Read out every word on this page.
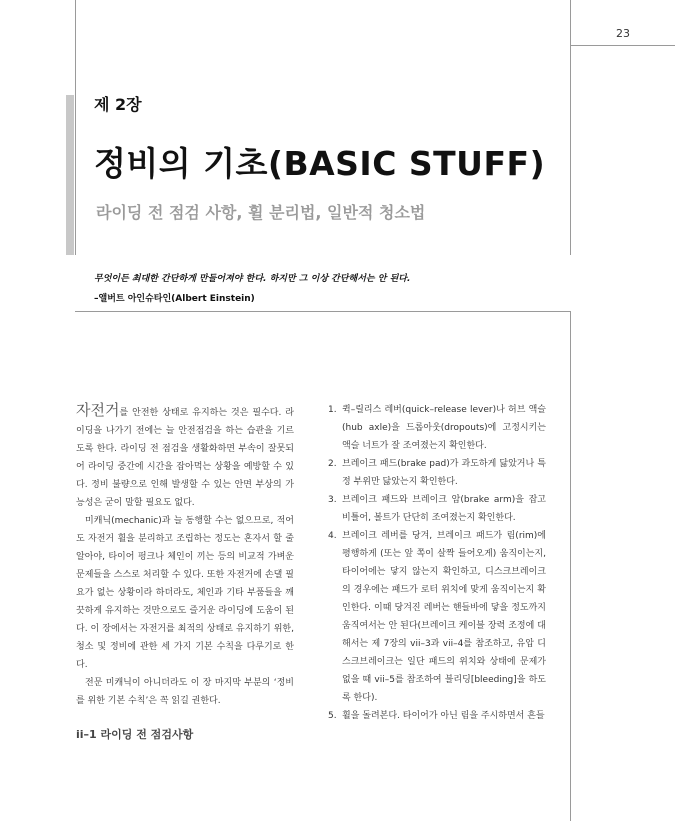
23
제 2장
정비의 기초(BASIC STUFF)
라이딩 전 점검 사항, 휠 분리법, 일반적 청소법
무엇이든 최대한 간단하게 만들어져야 한다. 하지만 그 이상 간단해서는 안 된다.
–앨버트 아인슈타인(Albert Einstein)

자전거를 안전한 상태로 유지하는 것은 필수다. 라이딩을 나가기 전에는 늘 안전점검을 하는 습관을 기르도록 한다. 라이딩 전 점검을 생활화하면 부속이 잘못되어 라이딩 중간에 시간을 잡아먹는 상황을 예방할 수 있다. 정비 불량으로 인해 발생할 수 있는 안면 부상의 가능성은 굳이 말할 필요도 없다.

미캐닉(mechanic)과 늘 동행할 수는 없으므로, 적어도 자전거 휠을 분리하고 조립하는 정도는 혼자서 할 줄 알아야, 타이어 펑크나 체인이 끼는 등의 비교적 가벼운 문제들을 스스로 처리할 수 있다. 또한 자전거에 손댈 필요가 없는 상황이라 하더라도, 체인과 기타 부품들을 깨끗하게 유지하는 것만으로도 즐거운 라이딩에 도움이 된다. 이 장에서는 자전거를 최적의 상태로 유지하기 위한, 청소 및 정비에 관한 세 가지 기본 수칙을 다루기로 한다.

전문 미캐닉이 아니더라도 이 장 마지막 부분의 ‘정비를 위한 기본 수칙’은 꼭 읽길 권한다.

ii–1 라이딩 전 점검사항

1. 퀵–릴리스 레버(quick–release lever)나 허브 액슬(hub axle)을 드롭아웃(dropouts)에 고정시키는 액슬 너트가 잘 조여졌는지 확인한다.
2. 브레이크 패드(brake pad)가 과도하게 닳았거나 특정 부위만 닳았는지 확인한다.
3. 브레이크 패드와 브레이크 암(brake arm)을 잡고 비틀어, 볼트가 단단히 조여졌는지 확인한다.
4. 브레이크 레버를 당겨, 브레이크 패드가 림(rim)에 평행하게 (또는 앞 쪽이 살짝 들어오게) 움직이는지, 타이어에는 닿지 않는지 확인하고, 디스크브레이크의 경우에는 패드가 로터 위치에 맞게 움직이는지 확인한다. 이때 당겨진 레버는 핸들바에 닿을 정도까지 움직여서는 안 된다(브레이크 케이블 장력 조정에 대해서는 제 7장의 vii–3과 vii–4를 참조하고, 유압 디스크브레이크는 일단 패드의 위치와 상태에 문제가 없을 때 vii–5를 참조하여 블리딩[bleeding]을 하도록 한다).
5. 휠을 돌려본다. 타이어가 아닌 림을 주시하면서 흔들
